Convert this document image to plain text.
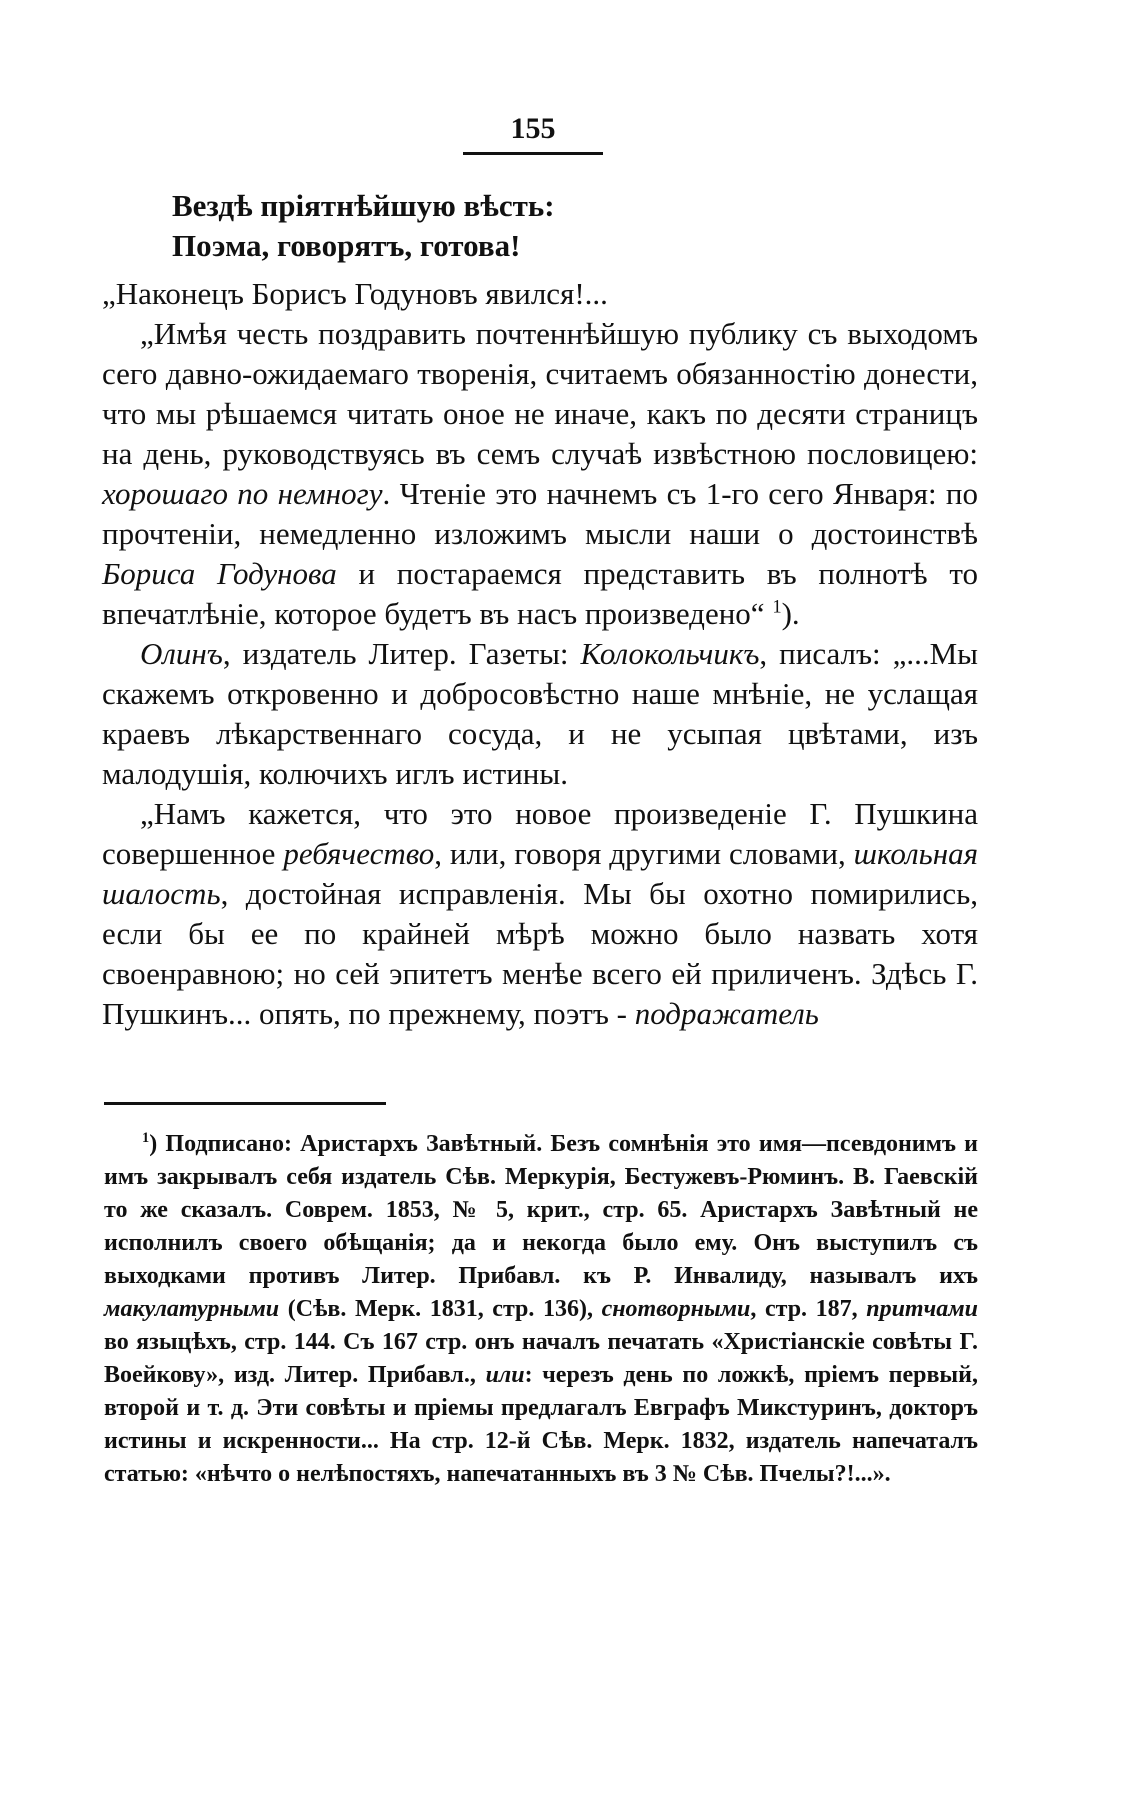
155
Вездѣ пріятнѣйшую вѣсть:
Поэма, говорятъ, готова!

„Наконецъ Борисъ Годуновъ явился!...

„Имѣя честь поздравить почтеннѣйшую публику съ выходомъ сего давно-ожидаемаго творенія, считаемъ обязанностію донести, что мы рѣшаемся читать оное не иначе, какъ по десяти страницъ на день, руководствуясь въ семъ случаѣ извѣстною пословицею: хорошаго по немногу. Чтеніе это начнемъ съ 1-го сего Января: по прочтеніи, немедленно изложимъ мысли наши о достоинствѣ Бориса Годунова и постараемся представить въ полнотѣ то впечатлѣніе, которое будетъ въ насъ произведено“ $^1$).

Олинъ, издатель Литер. Газеты: Колокольчикъ, писалъ: „...Мы скажемъ откровенно и добросовѣстно наше мнѣніе, не услащая краевъ лѣкарственнаго сосуда, и не усыпая цвѣтами, изъ малодушія, колючихъ иглъ истины.

„Намъ кажется, что это новое произведеніе Г. Пушкина совершенное ребячество, или, говоря другими словами, школьная шалость, достойная исправленія. Мы бы охотно помирились, если бы ее по крайней мѣрѣ можно было назвать хотя своенравною; но сей эпитетъ менѣе всего ей приличенъ. Здѣсь Г. Пушкинъ... опять, по прежнему, поэтъ - подражатель

$^1$) Подписано: Аристархъ Завѣтный. Безъ сомнѣнія это имя—псевдонимъ и имъ закрывалъ себя издатель Сѣв. Меркурія, Бестужевъ-Рюминъ. В. Гаевскій то же сказалъ. Соврем. 1853, № 5, крит., стр. 65. Аристархъ Завѣтный не исполнилъ своего обѣщанія; да и некогда было ему. Онъ выступилъ съ выходками противъ Литер. Прибавл. къ Р. Инвалиду, называлъ ихъ макулатурными (Сѣв. Мерк. 1831, стр. 136), снотворными, стр. 187, притчами во языцѣхъ, стр. 144. Съ 167 стр. онъ началъ печатать «Христіанскіе совѣты Г. Воейкову», изд. Литер. Прибавл., или: черезъ день по ложкѣ, пріемъ первый, второй и т. д. Эти совѣты и пріемы предлагалъ Евграфъ Микстуринъ, докторъ истины и искренности... На стр. 12-й Сѣв. Мерк. 1832, издатель напечаталъ статью: «нѣчто о нелѣпостяхъ, напечатанныхъ въ 3 № Сѣв. Пчелы?!...».
